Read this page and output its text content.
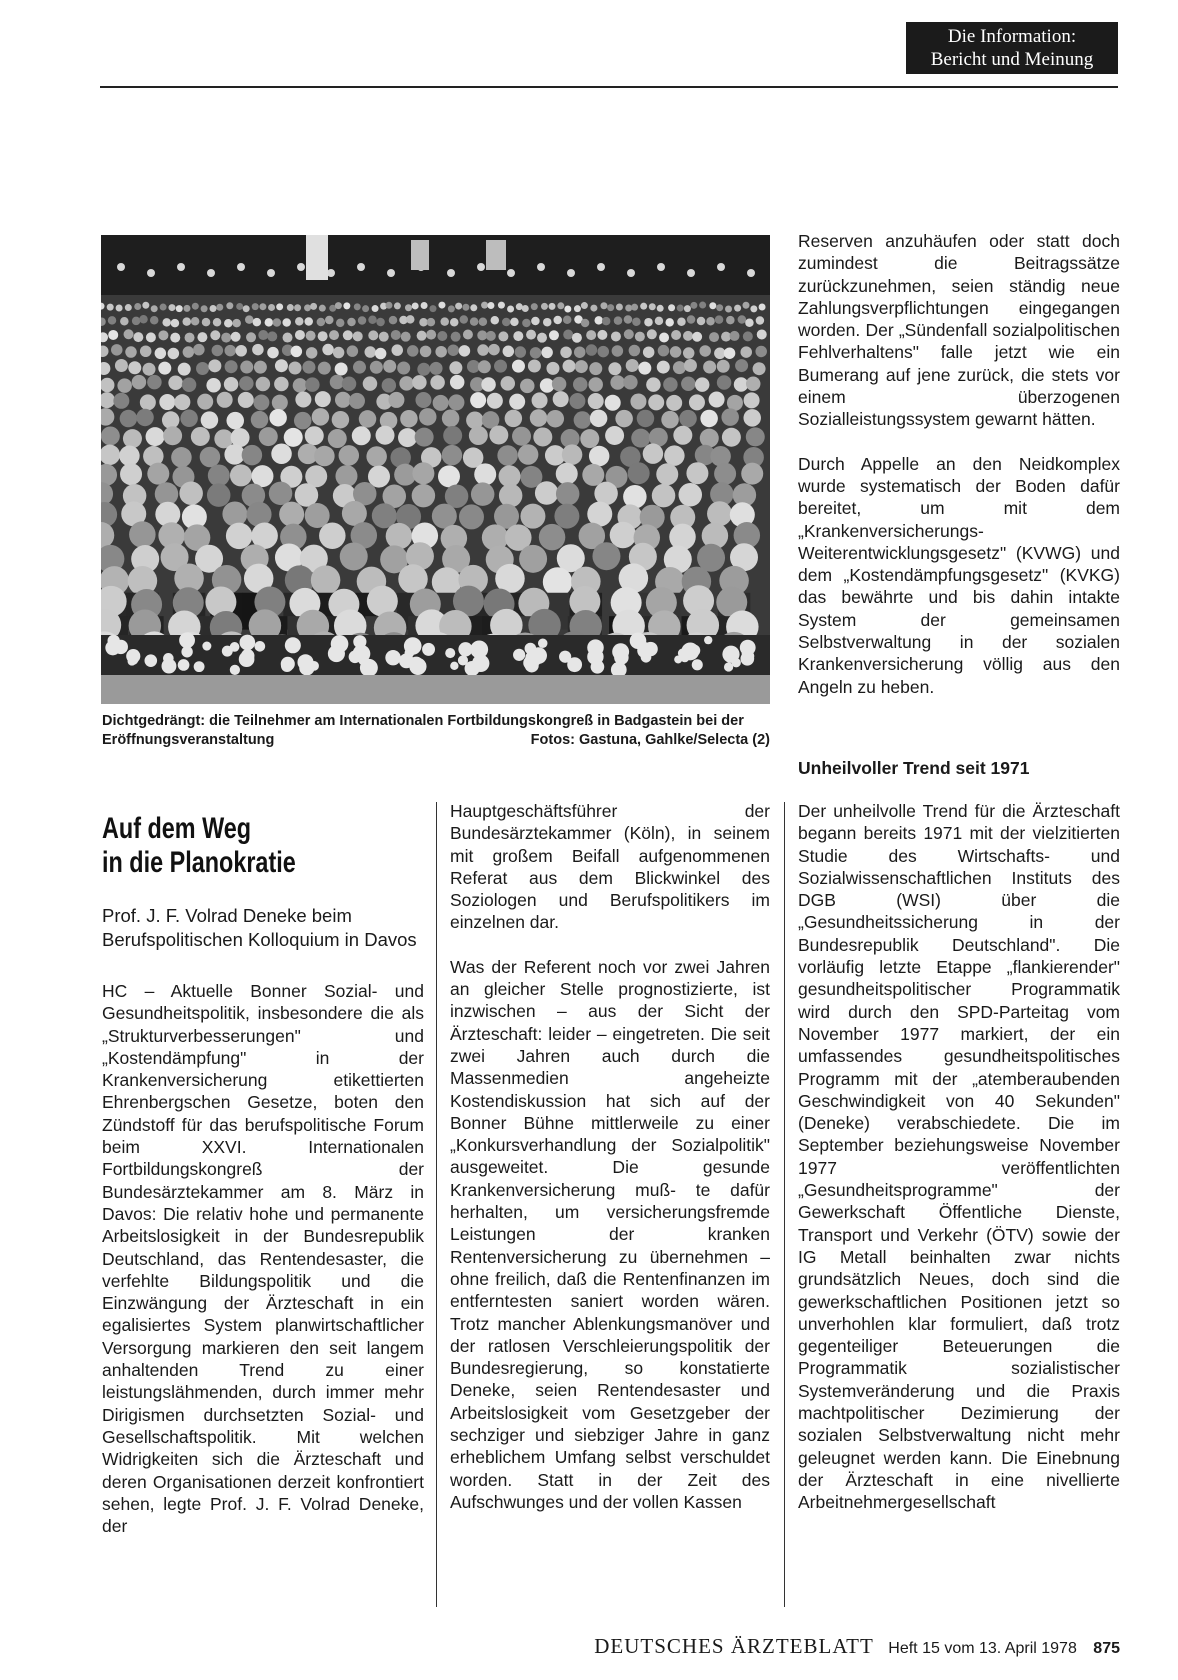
Die Information:
Bericht und Meinung
Dichtgedrängt: die Teilnehmer am Internationalen Fortbildungskongreß in Badgastein bei der Eröffnungsveranstaltung	Fotos: Gastuna, Gahlke/Selecta (2)
Auf dem Weg
in die Planokratie

Prof. J. F. Volrad Deneke beim Berufspolitischen Kolloquium in Davos

HC – Aktuelle Bonner Sozial- und Gesundheitspolitik, insbesondere die als „Strukturverbesserungen" und „Kostendämpfung" in der Krankenversicherung etikettierten Ehrenbergschen Gesetze, boten den Zündstoff für das berufspolitische Forum beim XXVI. Internationalen Fortbildungskongreß der Bundesärztekammer am 8. März in Davos: Die relativ hohe und permanente Arbeitslosigkeit in der Bundesrepublik Deutschland, das Rentendesaster, die verfehlte Bildungspolitik und die Einzwängung der Ärzteschaft in ein egalisiertes System planwirtschaftlicher Versorgung markieren den seit langem anhaltenden Trend zu einer leistungslähmenden, durch immer mehr Dirigismen durchsetzten Sozial- und Gesellschaftspolitik. Mit welchen Widrigkeiten sich die Ärzteschaft und deren Organisationen derzeit konfrontiert sehen, legte Prof. J. F. Volrad Deneke, der

Hauptgeschäftsführer der Bundesärztekammer (Köln), in seinem mit großem Beifall aufgenommenen Referat aus dem Blickwinkel des Soziologen und Berufspolitikers im einzelnen dar.

Was der Referent noch vor zwei Jahren an gleicher Stelle prognostizierte, ist inzwischen – aus der Sicht der Ärzteschaft: leider – eingetreten. Die seit zwei Jahren auch durch die Massenmedien angeheizte Kostendiskussion hat sich auf der Bonner Bühne mittlerweile zu einer „Konkursverhandlung der Sozialpolitik" ausgeweitet. Die gesunde Krankenversicherung muß- te dafür herhalten, um versicherungsfremde Leistungen der kranken Rentenversicherung zu übernehmen – ohne freilich, daß die Rentenfinanzen im entferntesten saniert worden wären. Trotz mancher Ablenkungsmanöver und der ratlosen Verschleierungspolitik der Bundesregierung, so konstatierte Deneke, seien Rentendesaster und Arbeitslosigkeit vom Gesetzgeber der sechziger und siebziger Jahre in ganz erheblichem Umfang selbst verschuldet worden. Statt in der Zeit des Aufschwunges und der vollen Kassen

Reserven anzuhäufen oder statt doch zumindest die Beitragssätze zurückzunehmen, seien ständig neue Zahlungsverpflichtungen eingegangen worden. Der „Sündenfall sozialpolitischen Fehlverhaltens" falle jetzt wie ein Bumerang auf jene zurück, die stets vor einem überzogenen Sozialleistungssystem gewarnt hätten.

Durch Appelle an den Neidkomplex wurde systematisch der Boden dafür bereitet, um mit dem „Krankenversicherungs-Weiterentwicklungsgesetz" (KVWG) und dem „Kostendämpfungsgesetz" (KVKG) das bewährte und bis dahin intakte System der gemeinsamen Selbstverwaltung in der sozialen Krankenversicherung völlig aus den Angeln zu heben.

Unheilvoller Trend seit 1971

Der unheilvolle Trend für die Ärzteschaft begann bereits 1971 mit der vielzitierten Studie des Wirtschafts- und Sozialwissenschaftlichen Instituts des DGB (WSI) über die „Gesundheitssicherung in der Bundesrepublik Deutschland". Die vorläufig letzte Etappe „flankierender" gesundheitspolitischer Programmatik wird durch den SPD-Parteitag vom November 1977 markiert, der ein umfassendes gesundheitspolitisches Programm mit der „atemberaubenden Geschwindigkeit von 40 Sekunden" (Deneke) verabschiedete. Die im September beziehungsweise November 1977 veröffentlichten „Gesundheitsprogramme" der Gewerkschaft Öffentliche Dienste, Transport und Verkehr (ÖTV) sowie der IG Metall beinhalten zwar nichts grundsätzlich Neues, doch sind die gewerkschaftlichen Positionen jetzt so unverhohlen klar formuliert, daß trotz gegenteiliger Beteuerungen die Programmatik sozialistischer Systemveränderung und die Praxis machtpolitischer Dezimierung der sozialen Selbstverwaltung nicht mehr geleugnet werden kann. Die Einebnung der Ärzteschaft in eine nivellierte Arbeitnehmergesellschaft

DEUTSCHES ÄRZTEBLATT Heft 15 vom 13. April 1978 875
